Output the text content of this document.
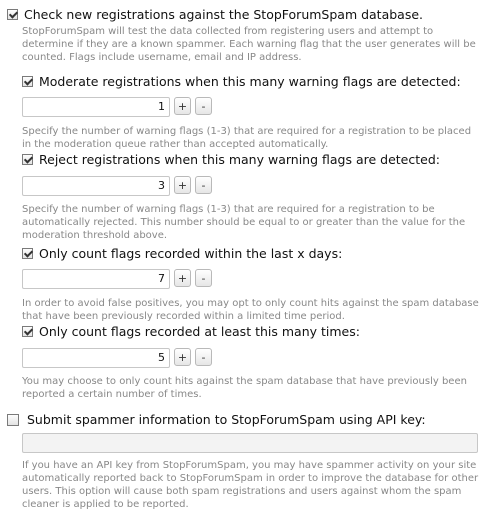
Check new registrations against the StopForumSpam database.
StopForumSpam will test the data collected from registering users and attempt to determine if they are a known spammer. Each warning flag that the user generates will be counted. Flags include username, email and IP address.
Moderate registrations when this many warning flags are detected:
1	+	-
Specify the number of warning flags (1-3) that are required for a registration to be placed in the moderation queue rather than accepted automatically.
Reject registrations when this many warning flags are detected:
3	+	-
Specify the number of warning flags (1-3) that are required for a registration to be automatically rejected. This number should be equal to or greater than the value for the moderation threshold above.
Only count flags recorded within the last x days:
7	+	-
In order to avoid false positives, you may opt to only count hits against the spam database that have been previously recorded within a limited time period.
Only count flags recorded at least this many times:
5	+	-
You may choose to only count hits against the spam database that have previously been reported a certain number of times.
Submit spammer information to StopForumSpam using API key:
If you have an API key from StopForumSpam, you may have spammer activity on your site automatically reported back to StopForumSpam in order to improve the database for other users. This option will cause both spam registrations and users against whom the spam cleaner is applied to be reported.
